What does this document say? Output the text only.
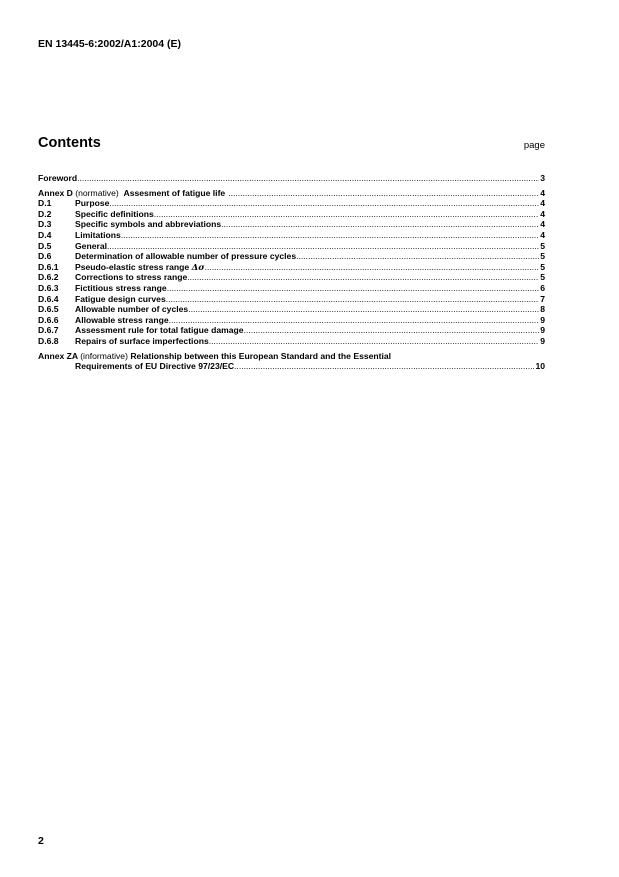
EN 13445-6:2002/A1:2004 (E)
Contents	page
Foreword .....	3
Annex D (normative) Assesment of fatigue life .....	4
D.1	Purpose .....	4
D.2	Specific definitions .....	4
D.3	Specific symbols and abbreviations .....	4
D.4	Limitations .....	4
D.5	General .....	5
D.6	Determination of allowable number of pressure cycles .....	5
D.6.1	Pseudo-elastic stress range Δσ .....	5
D.6.2	Corrections to stress range .....	5
D.6.3	Fictitious stress range .....	6
D.6.4	Fatigue design curves .....	7
D.6.5	Allowable number of cycles .....	8
D.6.6	Allowable stress range .....	9
D.6.7	Assessment rule for total fatigue damage .....	9
D.6.8	Repairs of surface imperfections .....	9
Annex ZA (informative) Relationship between this European Standard and the Essential
Requirements of EU Directive 97/23/EC .....	10
2
